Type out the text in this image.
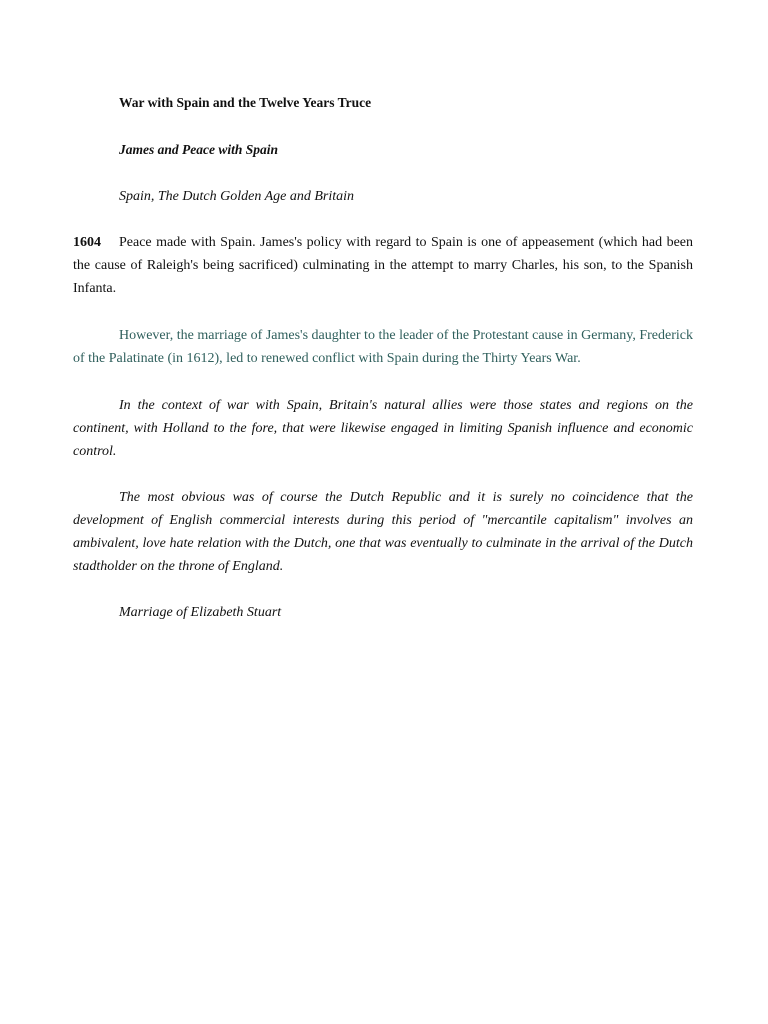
War with Spain and the Twelve Years Truce

James and Peace with Spain

Spain, The Dutch Golden Age and Britain

1604 Peace made with Spain. James's policy with regard to Spain is one of appeasement (which had been the cause of Raleigh's being sacrificed) culminating in the attempt to marry Charles, his son, to the Spanish Infanta.

However, the marriage of James's daughter to the leader of the Protestant cause in Germany, Frederick of the Palatinate (in 1612), led to renewed conflict with Spain during the Thirty Years War.

In the context of war with Spain, Britain's natural allies were those states and regions on the continent, with Holland to the fore, that were likewise engaged in limiting Spanish influence and economic control.

The most obvious was of course the Dutch Republic and it is surely no coincidence that the development of English commercial interests during this period of "mercantile capitalism" involves an ambivalent, love hate relation with the Dutch, one that was eventually to culminate in the arrival of the Dutch stadtholder on the throne of England.

Marriage of Elizabeth Stuart
